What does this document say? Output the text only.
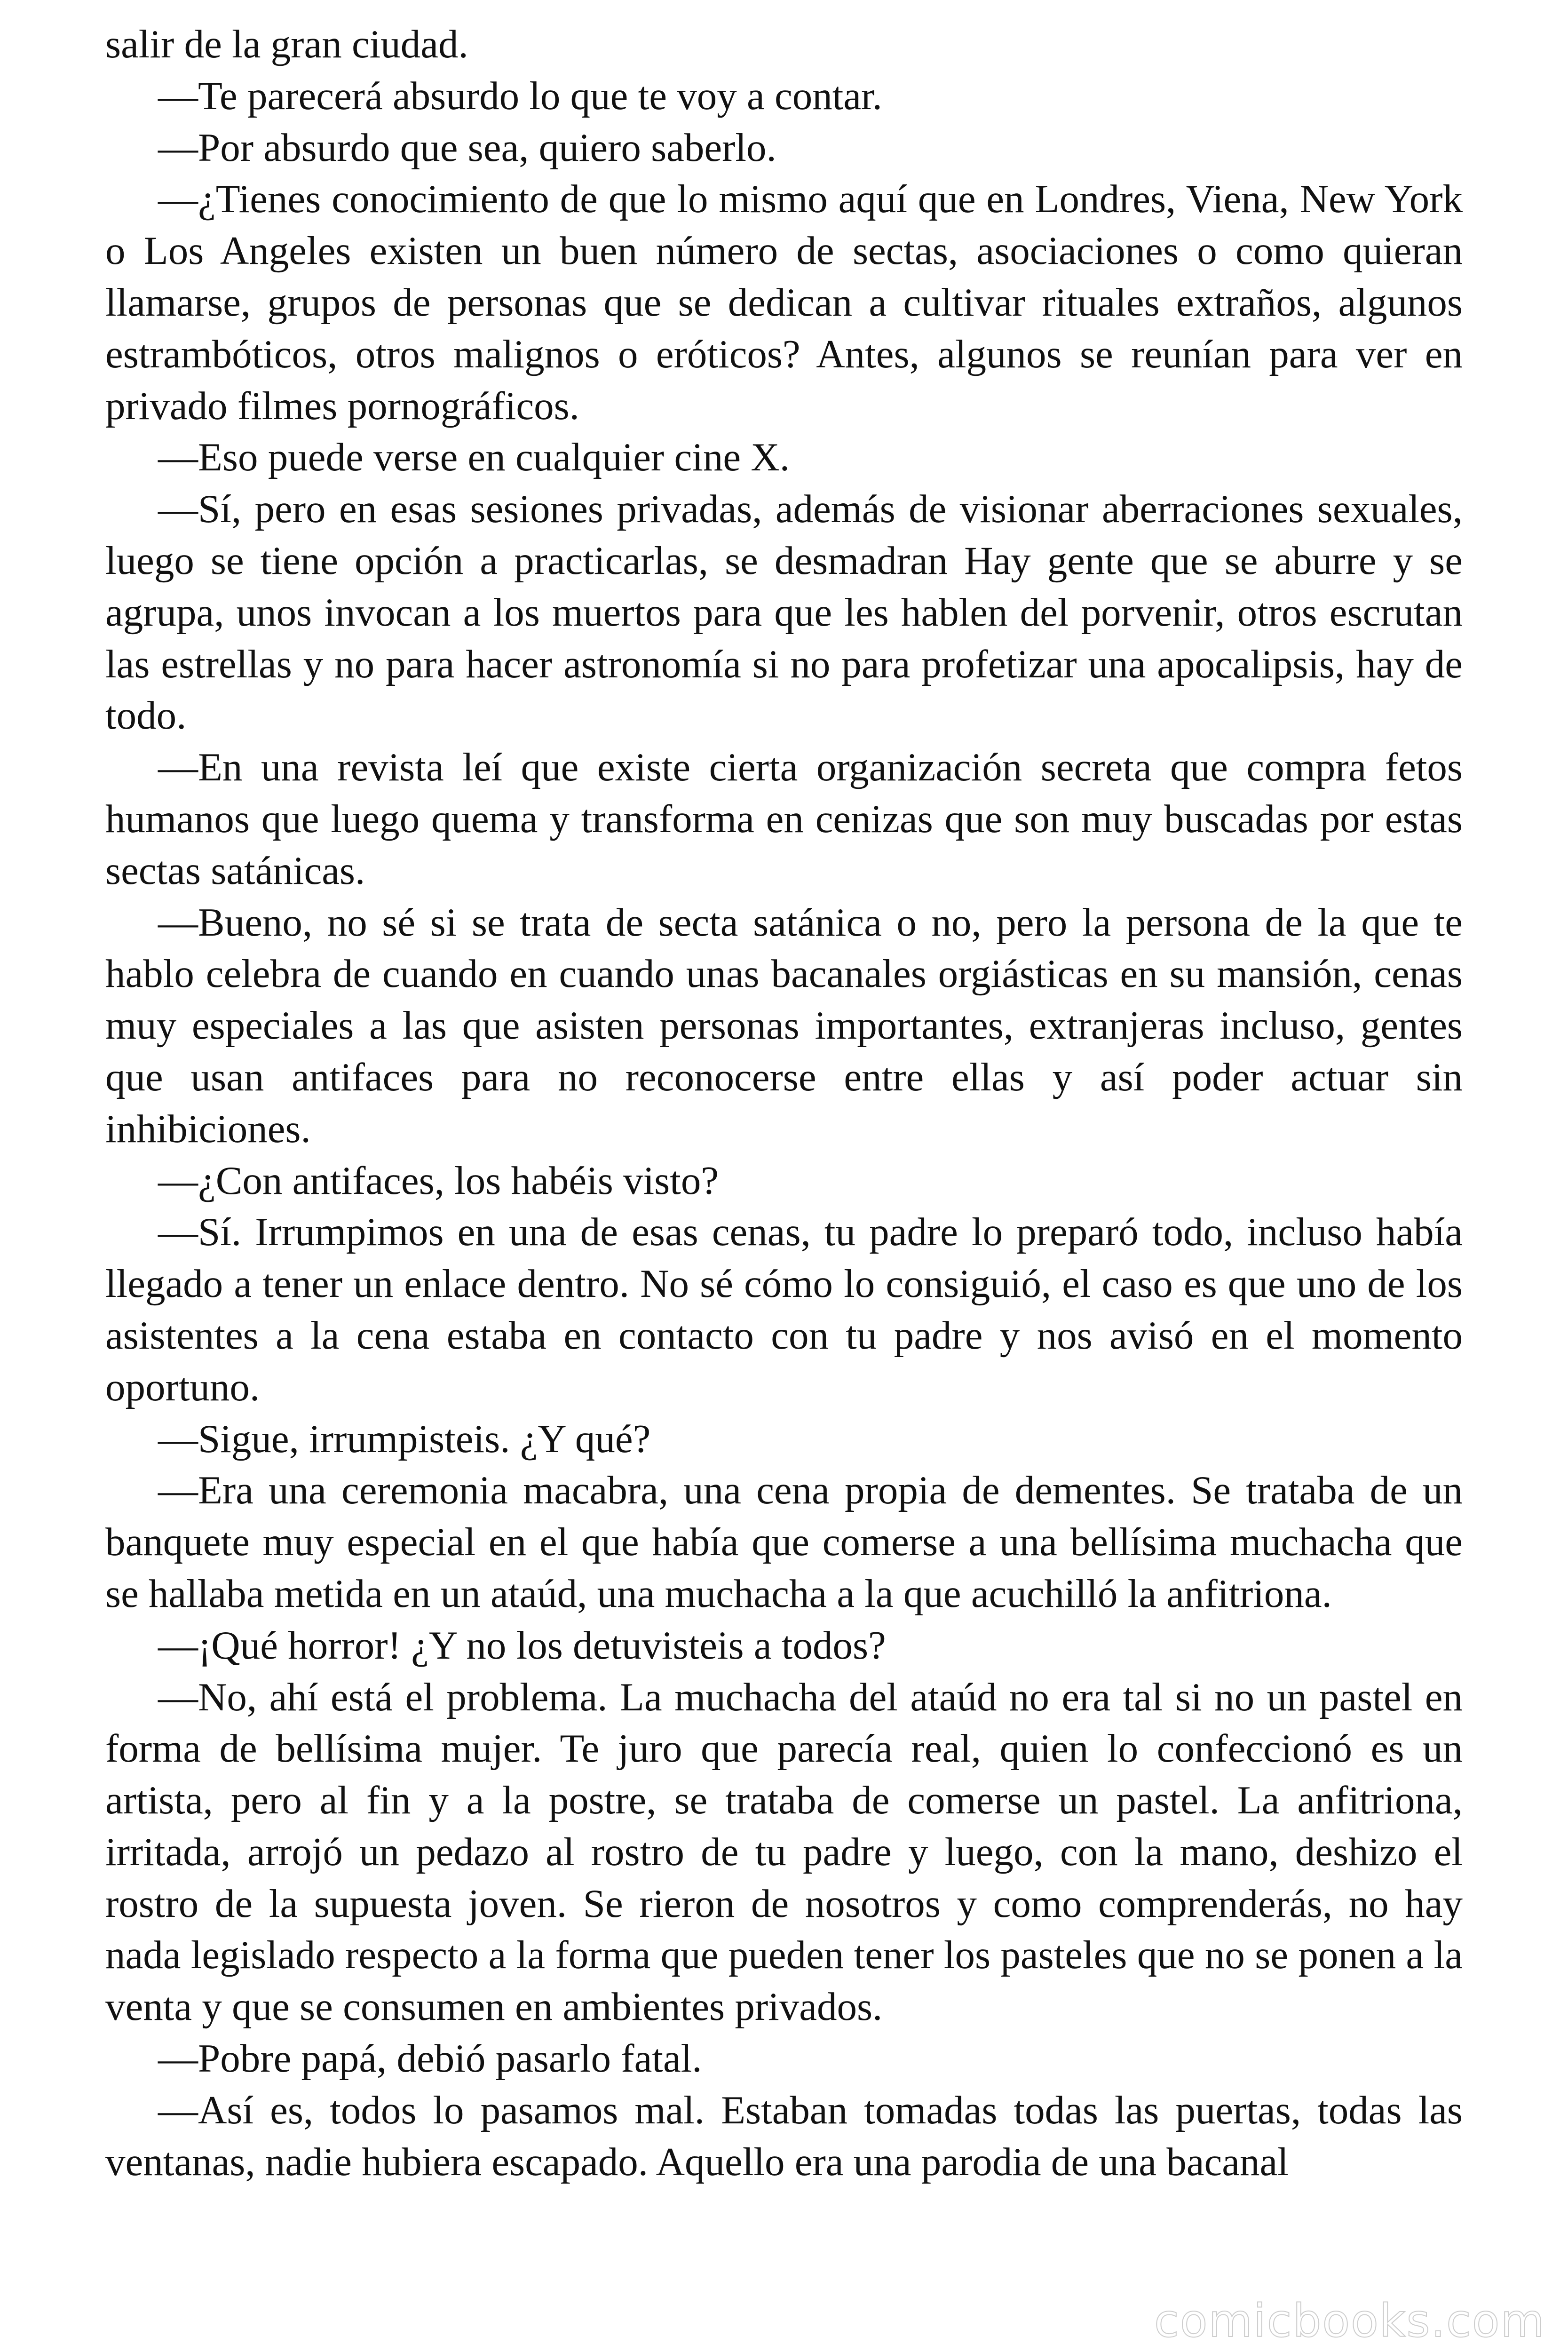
salir de la gran ciudad.

—Te parecerá absurdo lo que te voy a contar.

—Por absurdo que sea, quiero saberlo.

—¿Tienes conocimiento de que lo mismo aquí que en Londres, Viena, New York o Los Angeles existen un buen número de sectas, asociaciones o como quieran llamarse, grupos de personas que se dedican a cultivar rituales extraños, algunos estrambóticos, otros malignos o eróticos? Antes, algunos se reunían para ver en privado filmes pornográficos.

—Eso puede verse en cualquier cine X.

—Sí, pero en esas sesiones privadas, además de visionar aberraciones sexuales, luego se tiene opción a practicarlas, se desmadran Hay gente que se aburre y se agrupa, unos invocan a los muertos para que les hablen del porvenir, otros escrutan las estrellas y no para hacer astronomía si no para profetizar una apocalipsis, hay de todo.

—En una revista leí que existe cierta organización secreta que compra fetos humanos que luego quema y transforma en cenizas que son muy buscadas por estas sectas satánicas.

—Bueno, no sé si se trata de secta satánica o no, pero la persona de la que te hablo celebra de cuando en cuando unas bacanales orgiásticas en su mansión, cenas muy especiales a las que asisten personas importantes, extranjeras incluso, gentes que usan antifaces para no reconocerse entre ellas y así poder actuar sin inhibiciones.

—¿Con antifaces, los habéis visto?

—Sí. Irrumpimos en una de esas cenas, tu padre lo preparó todo, incluso había llegado a tener un enlace dentro. No sé cómo lo consiguió, el caso es que uno de los asistentes a la cena estaba en contacto con tu padre y nos avisó en el momento oportuno.

—Sigue, irrumpisteis. ¿Y qué?

—Era una ceremonia macabra, una cena propia de dementes. Se trataba de un banquete muy especial en el que había que comerse a una bellísima muchacha que se hallaba metida en un ataúd, una muchacha a la que acuchilló la anfitriona.

—¡Qué horror! ¿Y no los detuvisteis a todos?

—No, ahí está el problema. La muchacha del ataúd no era tal si no un pastel en forma de bellísima mujer. Te juro que parecía real, quien lo confeccionó es un artista, pero al fin y a la postre, se trataba de comerse un pastel. La anfitriona, irritada, arrojó un pedazo al rostro de tu padre y luego, con la mano, deshizo el rostro de la supuesta joven. Se rieron de nosotros y como comprenderás, no hay nada legislado respecto a la forma que pueden tener los pasteles que no se ponen a la venta y que se consumen en ambientes privados.

—Pobre papá, debió pasarlo fatal.

—Así es, todos lo pasamos mal. Estaban tomadas todas las puertas, todas las ventanas, nadie hubiera escapado. Aquello era una parodia de una bacanal

comicbooks.com
